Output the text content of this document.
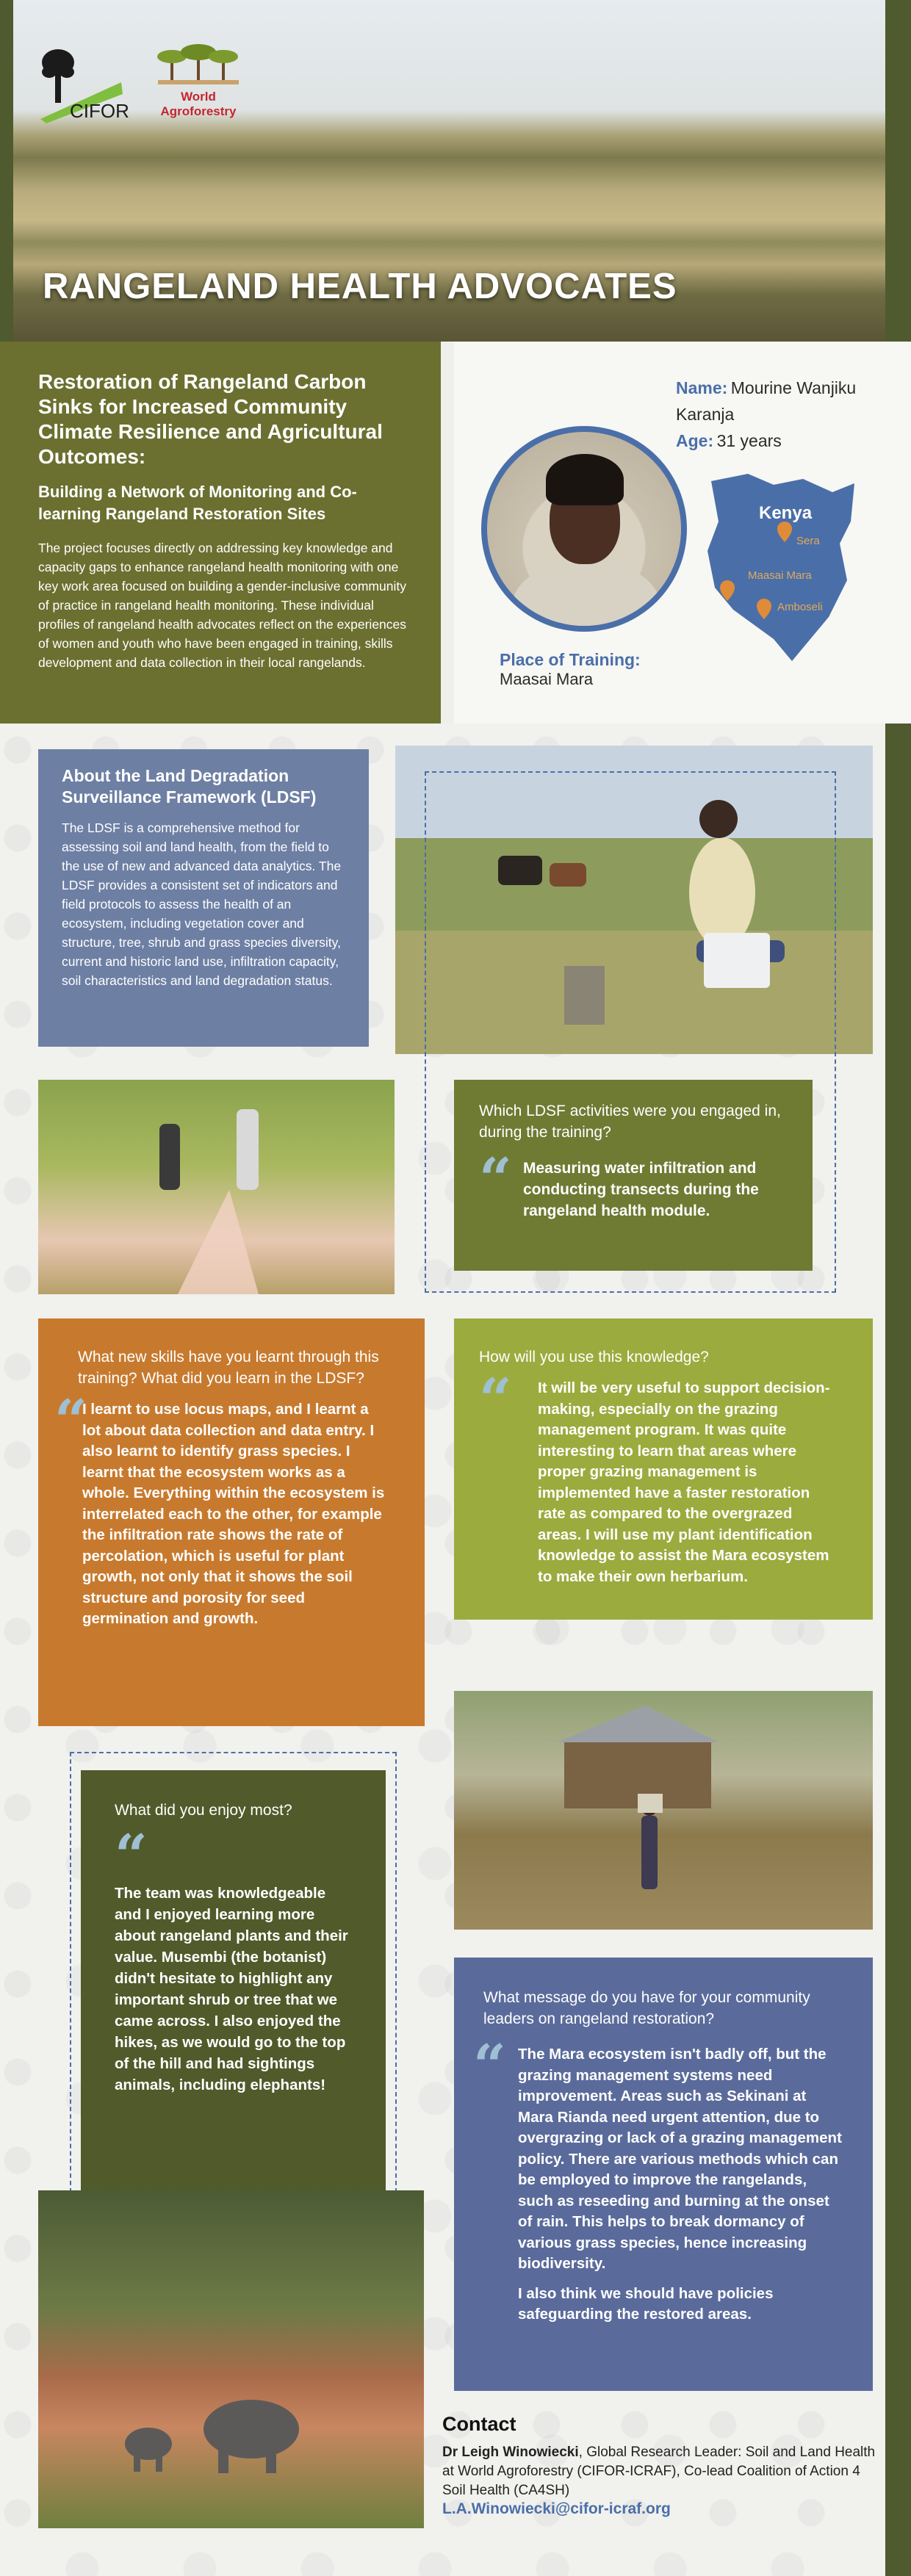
CIFOR
World
Agroforestry
RANGELAND HEALTH ADVOCATES
Restoration of Rangeland Carbon Sinks for Increased Community Climate Resilience and Agricultural Outcomes:
Building a Network of Monitoring and Co-learning Rangeland Restoration Sites

The project focuses directly on addressing key knowledge and capacity gaps to enhance rangeland health monitoring with one key work area focused on building a gender-inclusive community of practice in rangeland health monitoring. These individual profiles of rangeland health advocates reflect on the experiences of women and youth who have been engaged in training, skills development and data collection in their local rangelands.

Name: Mourine Wanjiku Karanja
Age: 31 years
Place of Training:
Maasai Mara
Kenya
Sera
Maasai Mara
Amboseli
About the Land Degradation Surveillance Framework (LDSF)

The LDSF is a comprehensive method for assessing soil and land health, from the field to the use of new and advanced data analytics. The LDSF provides a consistent set of indicators and field protocols to assess the health of an ecosystem, including vegetation cover and structure, tree, shrub and grass species diversity, current and historic land use, infiltration capacity, soil characteristics and land degradation status.

Which LDSF activities were you engaged in, during the training?
“ Measuring water infiltration and conducting transects during the rangeland health module.
What new skills have you learnt through this training? What did you learn in the LDSF?
“
I learnt to use locus maps, and I learnt a lot about data collection and data entry. I also learnt to identify grass species. I learnt that the ecosystem works as a whole. Everything within the ecosystem is interrelated each to the other, for example the infiltration rate shows the rate of percolation, which is useful for plant growth, not only that it shows the soil structure and porosity for seed germination and growth.
How will you use this knowledge?
“	It will be very useful to support decision-making, especially on the grazing management program. It was quite interesting to learn that areas where proper grazing management is implemented have a faster restoration rate as compared to the overgrazed areas. I will use my plant identification knowledge to assist the Mara ecosystem to make their own herbarium.
What did you enjoy most?
“
The team was knowledgeable and I enjoyed learning more about rangeland plants and their value. Musembi (the botanist) didn't hesitate to highlight any important shrub or tree that we came across. I also enjoyed the hikes, as we would go to the top of the hill and had sightings animals, including elephants!
What message do you have for your community leaders on rangeland restoration?
“ The Mara ecosystem isn't badly off, but the grazing management systems need improvement. Areas such as Sekinani at Mara Rianda need urgent attention, due to overgrazing or lack of a grazing management policy. There are various methods which can be employed to improve the rangelands, such as reseeding and burning at the onset of rain. This helps to break dormancy of various grass species, hence increasing biodiversity.
I also think we should have policies safeguarding the restored areas.
Contact

Dr Leigh Winowiecki, Global Research Leader: Soil and Land Health at World Agroforestry (CIFOR-ICRAF), Co-lead Coalition of Action 4 Soil Health (CA4SH)

L.A.Winowiecki@cifor-icraf.org
